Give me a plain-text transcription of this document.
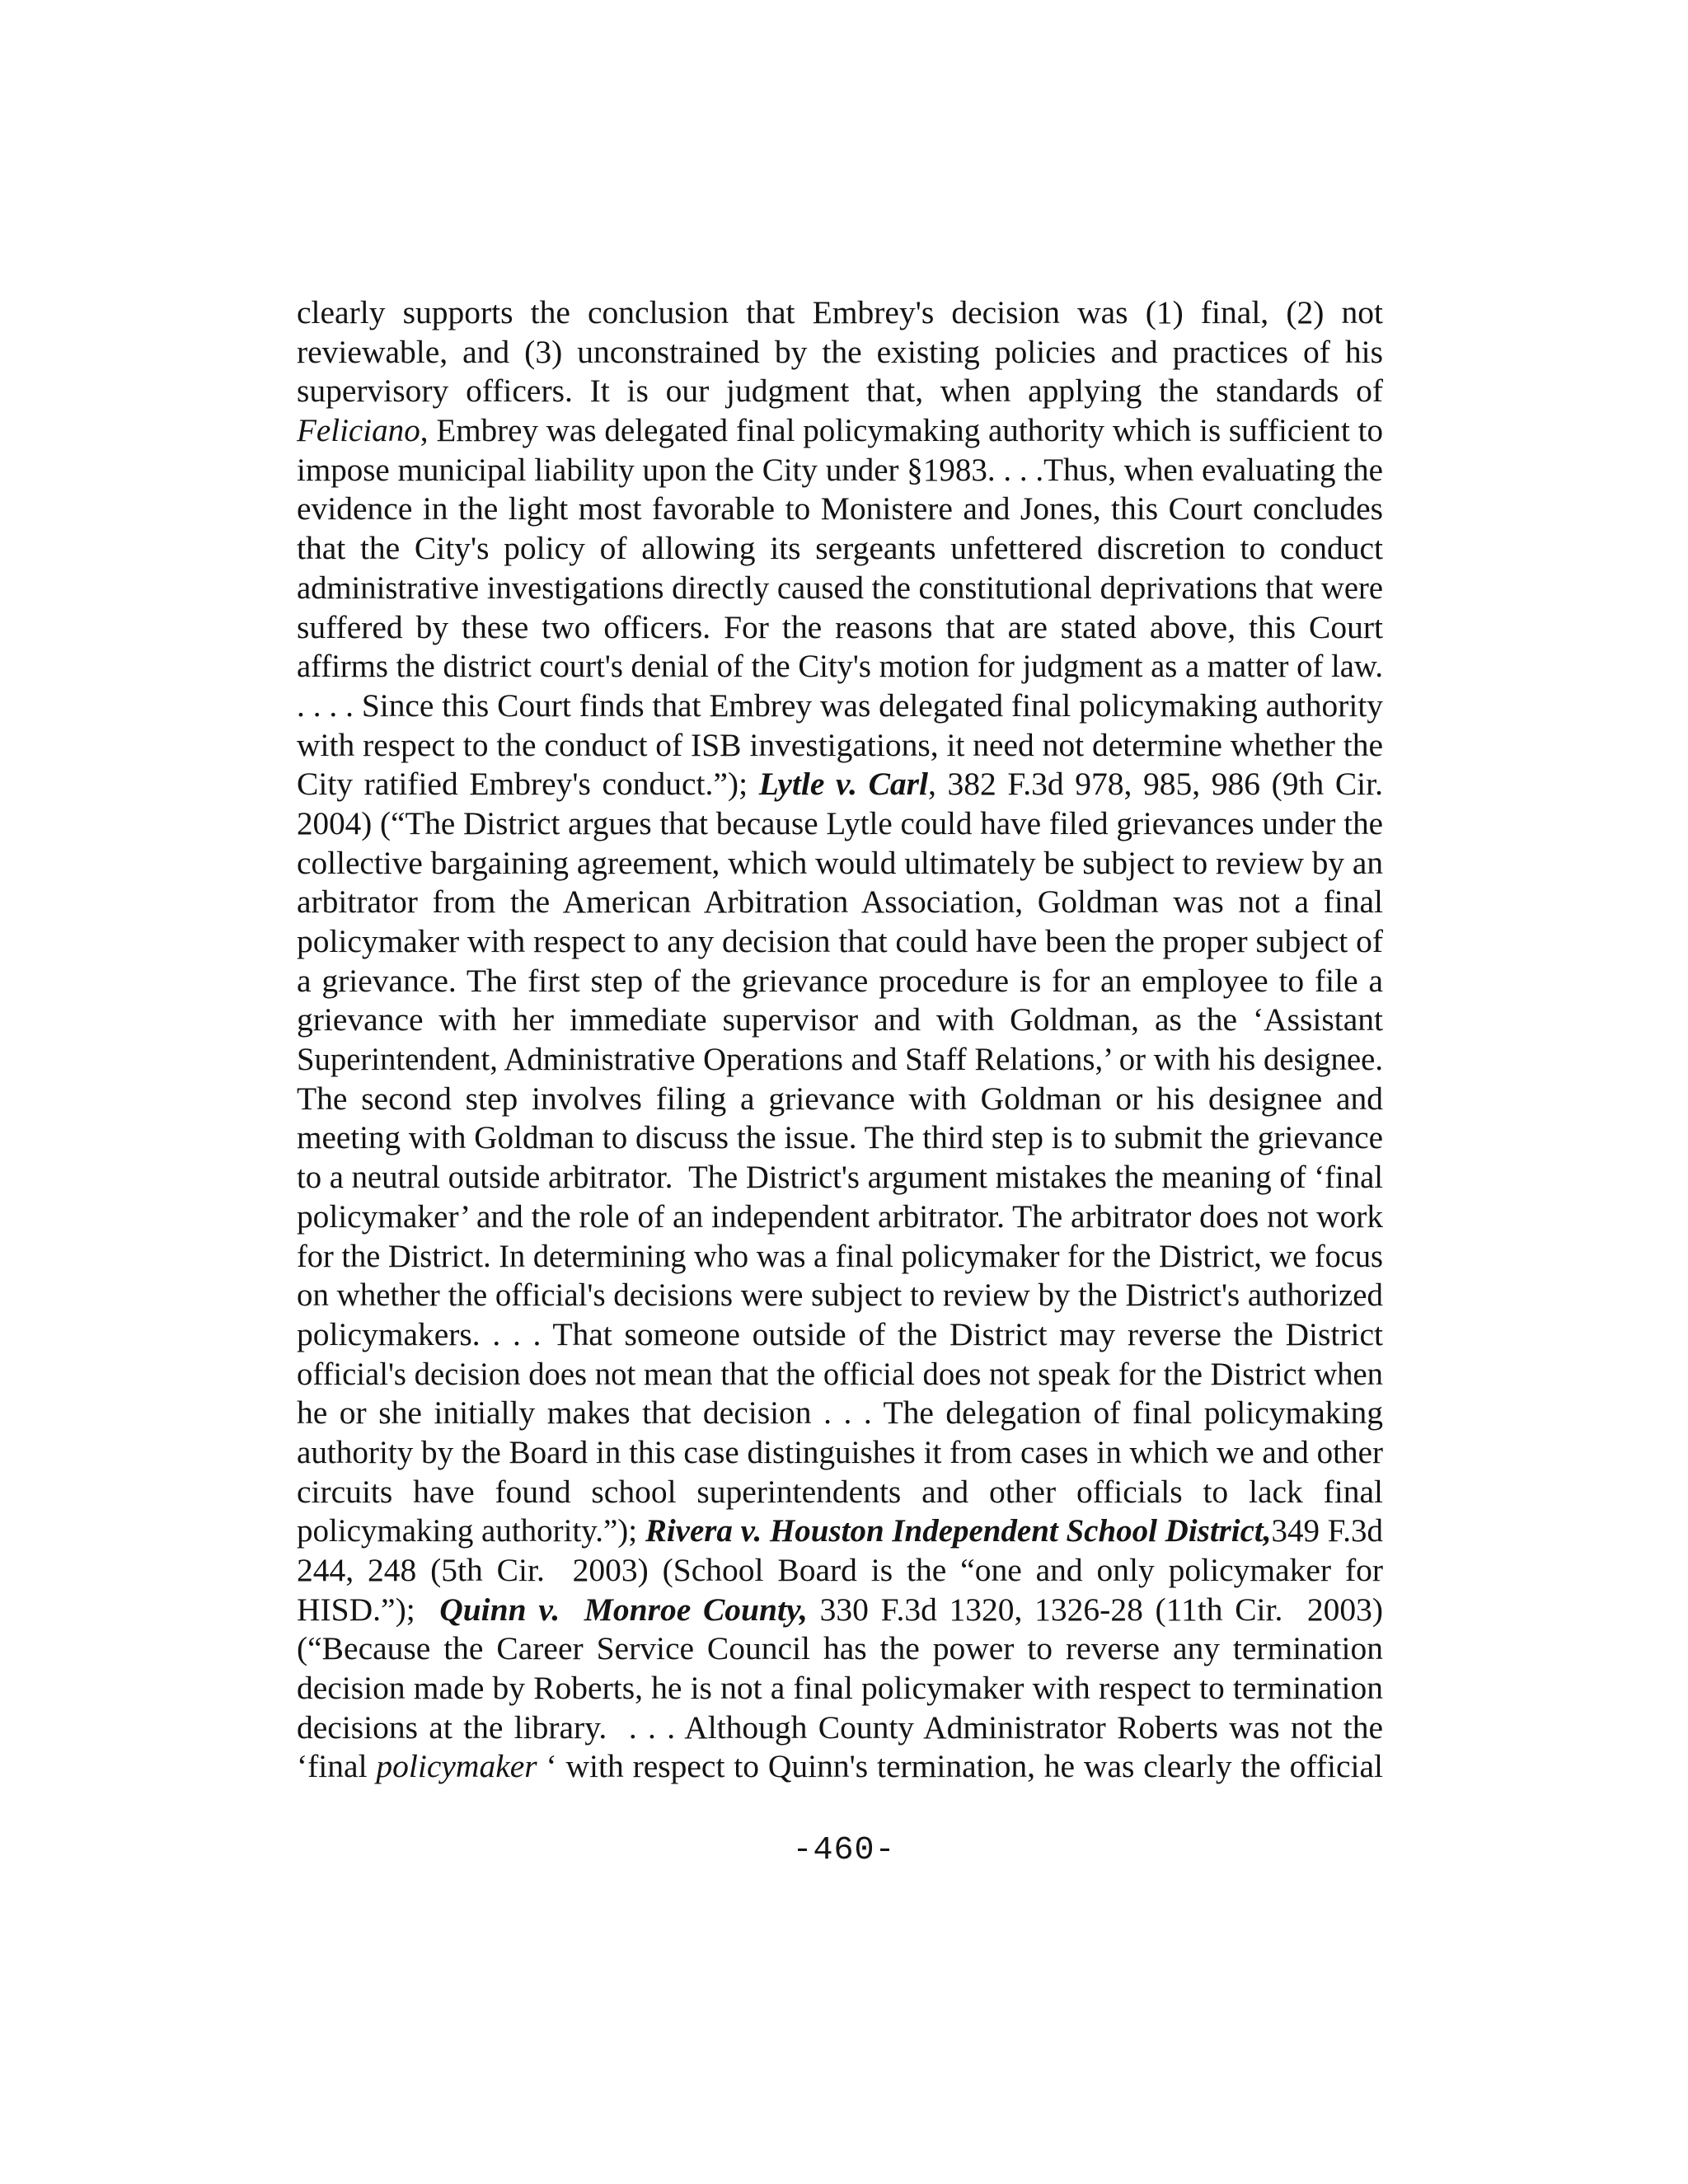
clearly supports the conclusion that Embrey's decision was (1) final, (2) not
reviewable, and (3) unconstrained by the existing policies and practices of his
supervisory officers. It is our judgment that, when applying the standards of
Feliciano, Embrey was delegated final policymaking authority which is sufficient to
impose municipal liability upon the City under §1983. . . .Thus, when evaluating the
evidence in the light most favorable to Monistere and Jones, this Court concludes
that the City's policy of allowing its sergeants unfettered discretion to conduct
administrative investigations directly caused the constitutional deprivations that were
suffered by these two officers. For the reasons that are stated above, this Court
affirms the district court's denial of the City's motion for judgment as a matter of law.
. . . . Since this Court finds that Embrey was delegated final policymaking authority
with respect to the conduct of ISB investigations, it need not determine whether the
City ratified Embrey's conduct.”); Lytle v. Carl, 382 F.3d 978, 985, 986 (9th Cir.
2004) (“The District argues that because Lytle could have filed grievances under the
collective bargaining agreement, which would ultimately be subject to review by an
arbitrator from the American Arbitration Association, Goldman was not a final
policymaker with respect to any decision that could have been the proper subject of
a grievance. The first step of the grievance procedure is for an employee to file a
grievance with her immediate supervisor and with Goldman, as the ‘Assistant
Superintendent, Administrative Operations and Staff Relations,’ or with his designee.
The second step involves filing a grievance with Goldman or his designee and
meeting with Goldman to discuss the issue. The third step is to submit the grievance
to a neutral outside arbitrator.  The District's argument mistakes the meaning of ‘final
policymaker’ and the role of an independent arbitrator. The arbitrator does not work
for the District. In determining who was a final policymaker for the District, we focus
on whether the official's decisions were subject to review by the District's authorized
policymakers. . . . That someone outside of the District may reverse the District
official's decision does not mean that the official does not speak for the District when
he or she initially makes that decision . . . The delegation of final policymaking
authority by the Board in this case distinguishes it from cases in which we and other
circuits have found school superintendents and other officials to lack final
policymaking authority.”); Rivera v. Houston Independent School District,349 F.3d
244, 248 (5th Cir.  2003) (School Board is the “one and only policymaker for
HISD.”);  Quinn v.  Monroe County, 330 F.3d 1320, 1326-28 (11th Cir.  2003)
(“Because the Career Service Council has the power to reverse any termination
decision made by Roberts, he is not a final policymaker with respect to termination
decisions at the library.  . . . Although County Administrator Roberts was not the
‘final policymaker ‘ with respect to Quinn's termination, he was clearly the official
-460-
